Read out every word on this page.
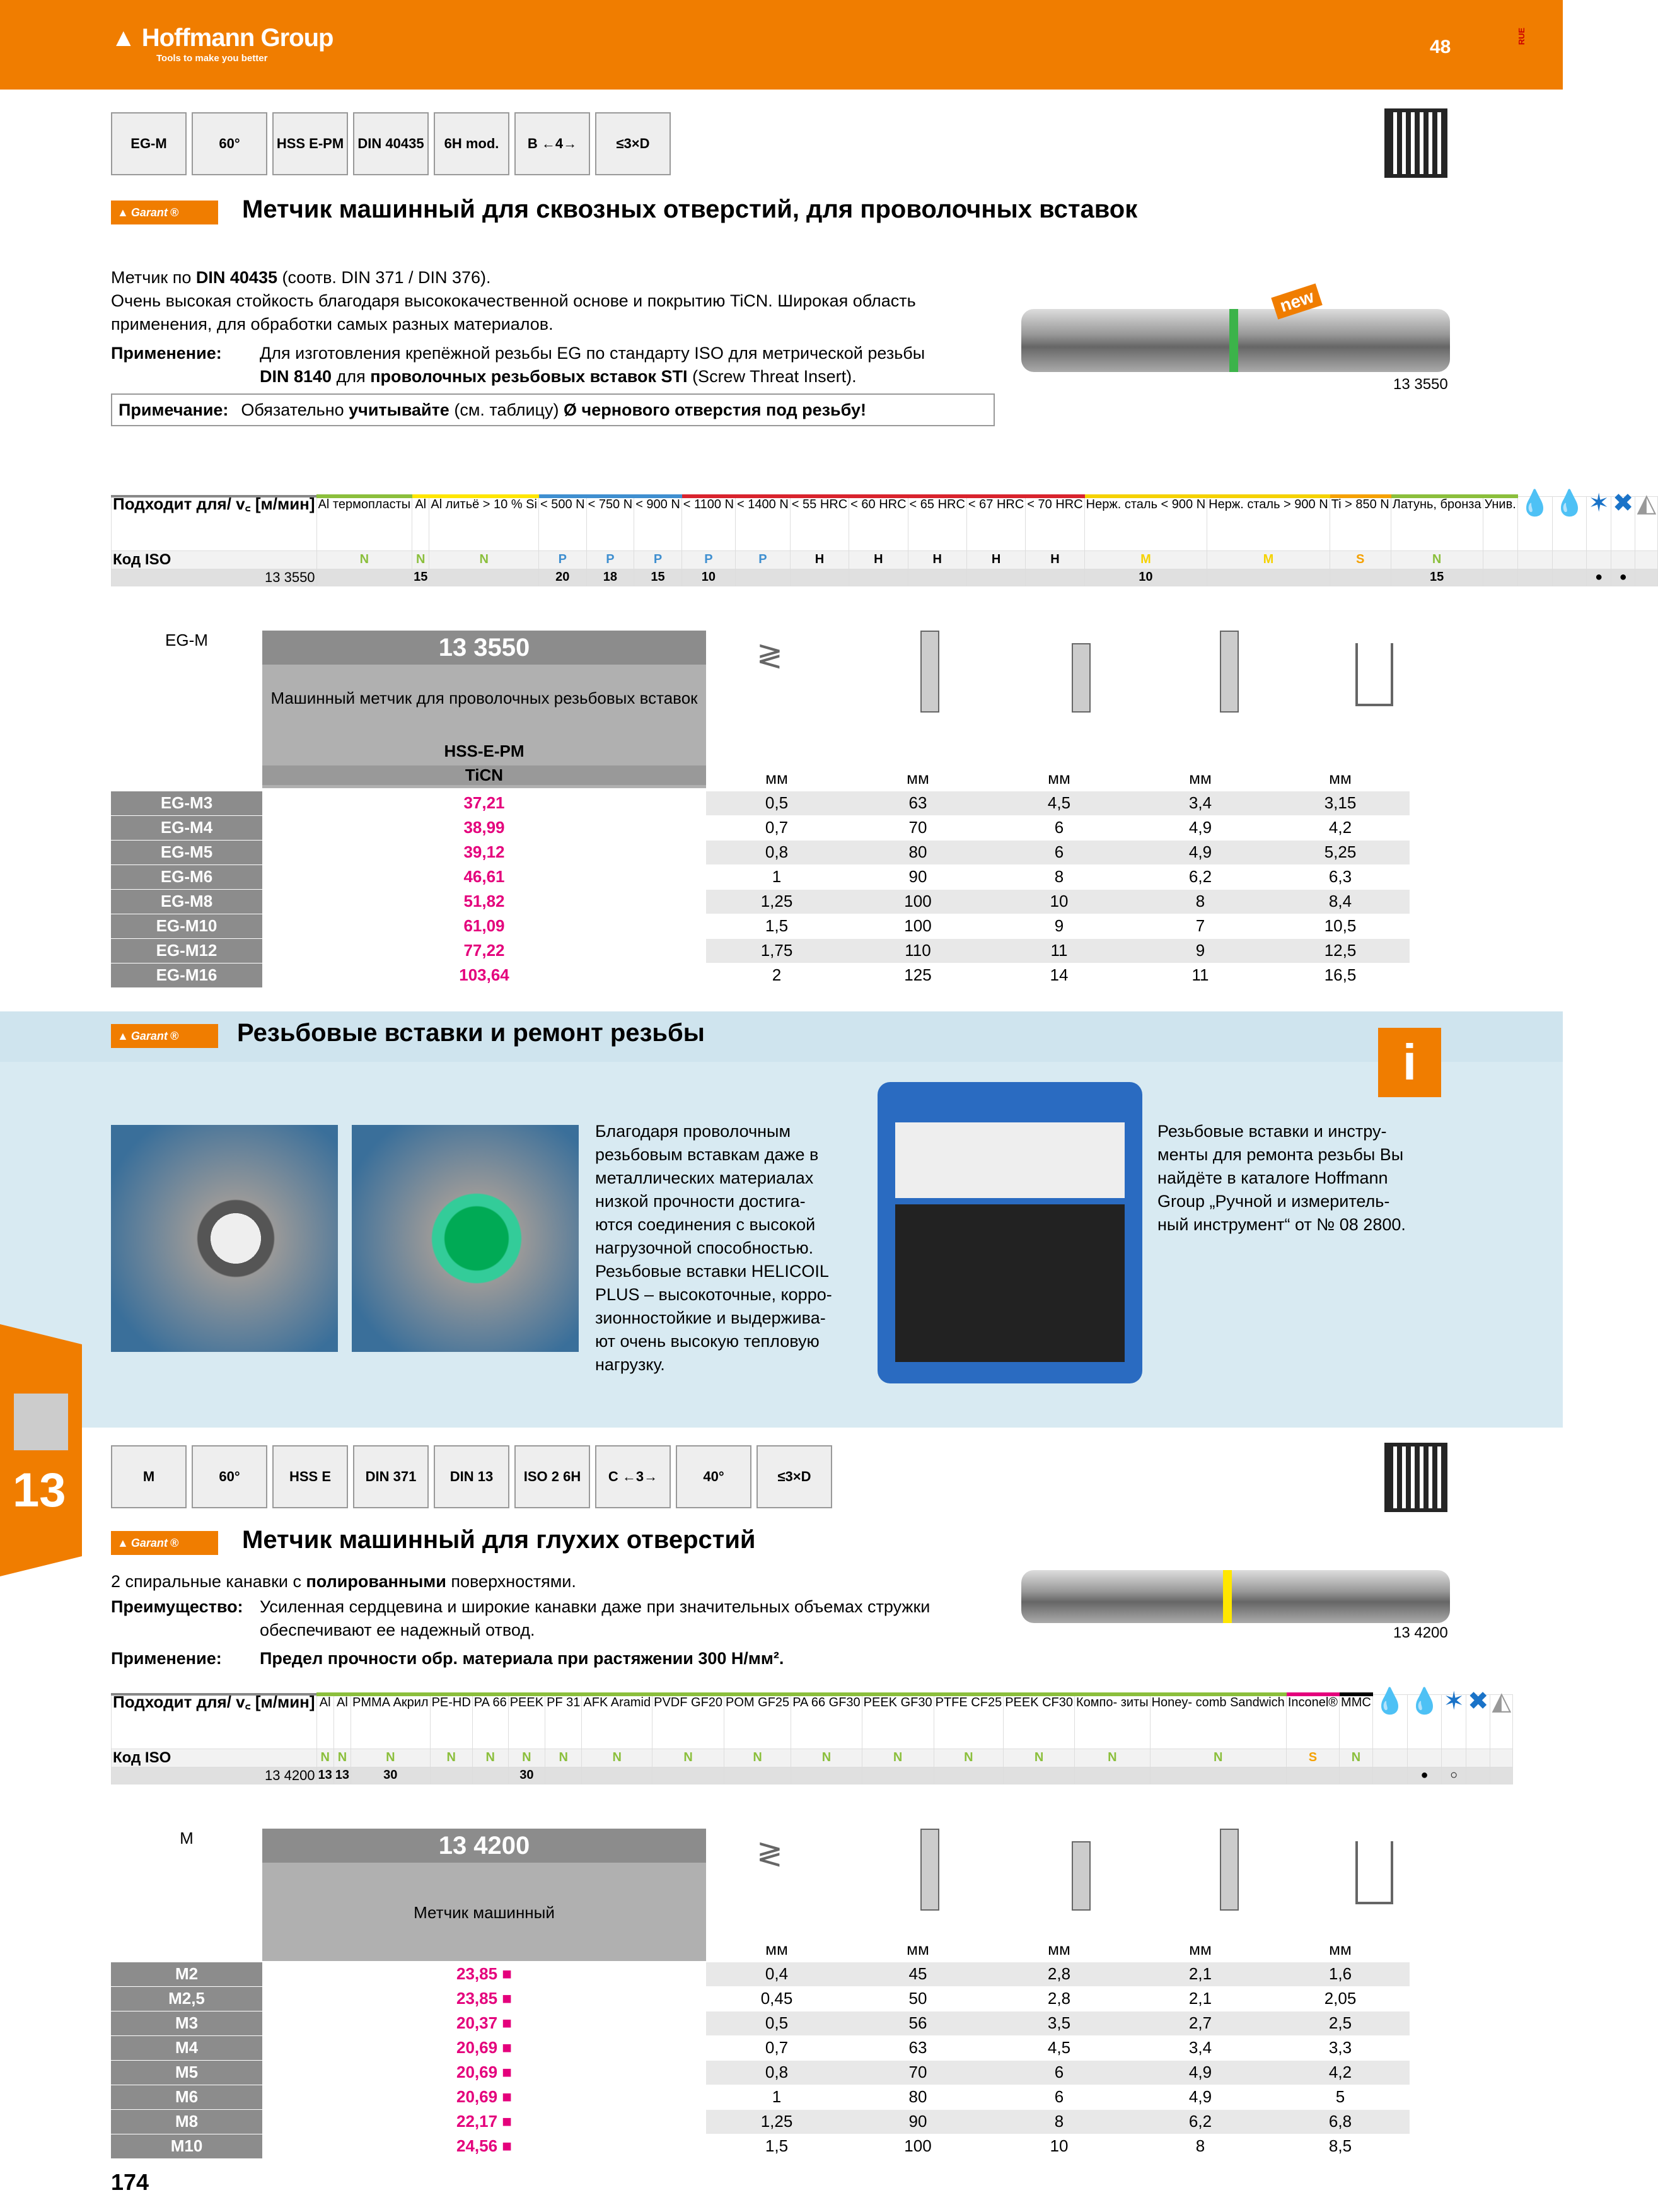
▲ Hoffmann Group
Tools to make you better
48
RUE
EG-M	60°	HSS E-PM	DIN 40435	6H mod.	B ←4→	≤3×D
▲ Garant ®	Метчик машинный для сквозных отверстий, для проволочных вставок
Метчик по DIN 40435 (соотв. DIN 371 / DIN 376).
Очень высокая стойкость благодаря высококачественной основе и покрытию TiCN. Широкая область
применения, для обработки самых разных материалов.
Применение: Для изготовления крепёжной резьбы EG по стандарту ISO для метрической резьбы
DIN 8140 для проволочных резьбовых вставок STI (Screw Threat Insert).
Примечание: Обязательно учитывайте (см. таблицу) Ø чернового отверстия под резьбу!
new
13 3550
Подходит для/ v꜀ [м/мин]	Al термопласты	Al	Al литьё > 10 % Si	< 500 N	< 750 N	< 900 N	< 1100 N	< 1400 N	< 55 HRC	< 60 HRC	< 65 HRC	< 67 HRC	< 70 HRC	Нерж. сталь < 900 N	Нерж. сталь > 900 N	Ti > 850 N	Латунь, бронза	Унив.	💧	💧	✶	✖	◭
Код ISO	N	N	N	P	P	P	P	P	H	H	H	H	H	M	M	S	N						
13 3550		15		20	18	15	10							10			15				●	●	
EG-M	13 3550
Машинный метчик для проволочных резьбовых вставок
HSS-E-PM
TiCN
≷
		мм	мм	мм	мм	мм
EG-M3	37,21	0,5	63	4,5	3,4	3,15
EG-M4	38,99	0,7	70	6	4,9	4,2
EG-M5	39,12	0,8	80	6	4,9	5,25
EG-M6	46,61	1	90	8	6,2	6,3
EG-M8	51,82	1,25	100	10	8	8,4
EG-M10	61,09	1,5	100	9	7	10,5
EG-M12	77,22	1,75	110	11	9	12,5
EG-M16	103,64	2	125	14	11	16,5
▲ Garant ®	Резьбовые вставки и ремонт резьбы
i
Благодаря проволочным
резьбовым вставкам даже в
металлических материалах
низкой прочности достига-
ются соединения с высокой
нагрузочной способностью.
Резьбовые вставки HELICOIL
PLUS – высокоточные, корро-
зионностойкие и выдержива-
ют очень высокую тепловую
нагрузку.
Резьбовые вставки и инстру-
менты для ремонта резьбы Вы
найдёте в каталоге Hoffmann
Group „Ручной и измеритель-
ный инструмент“ от № 08 2800.
13	M	60°	HSS E	DIN 371	DIN 13	ISO 2 6H	C ←3→	40°	≤3×D
▲ Garant ®	Метчик машинный для глухих отверстий
2 спиральные канавки с полированными поверхностями.
Преимущество: Усиленная сердцевина и широкие канавки даже при значительных объемах стружки
обеспечивают ее надежный отвод.
Применение: Предел прочности обр. материала при растяжении 300 Н/мм².
13 4200
Подходит для/ v꜀ [м/мин]	Al	Al	PMMA Акрил	PE-HD	PA 66	PEEK	PF 31	AFK Aramid	PVDF GF20	POM GF25	PA 66 GF30	PEEK GF30	PTFE CF25	PEEK CF30	Компо- зиты	Honey- comb Sandwich	Inconel®	MMC	💧	💧	✶	✖	◭
Код ISO	N	N	N	N	N	N	N	N	N	N	N	N	N	N	N	N	S	N					
13 4200	13	13	30			30														●	○		
M	13 4200
Метчик машинный
≷
		мм	мм	мм	мм	мм
M2	23,85 ■	0,4	45	2,8	2,1	1,6
M2,5	23,85 ■	0,45	50	2,8	2,1	2,05
M3	20,37 ■	0,5	56	3,5	2,7	2,5
M4	20,69 ■	0,7	63	4,5	3,4	3,3
M5	20,69 ■	0,8	70	6	4,9	4,2
M6	20,69 ■	1	80	6	4,9	5
M8	22,17 ■	1,25	90	8	6,2	6,8
M10	24,56 ■	1,5	100	10	8	8,5
174
